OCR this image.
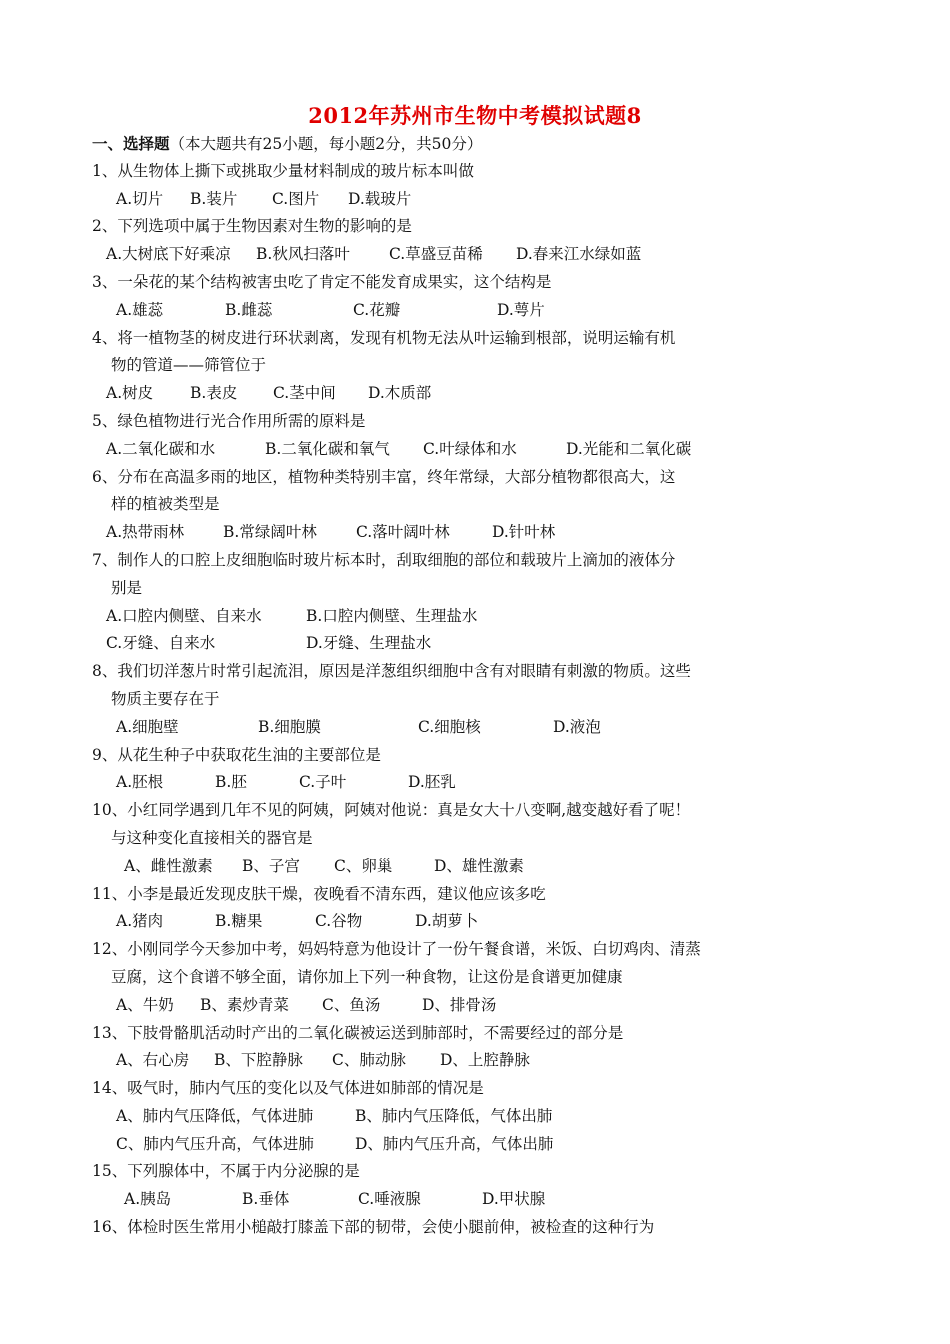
2012年苏州市生物中考模拟试题8
一、选择题（本大题共有25小题，每小题2分，共50分）
1、从生物体上撕下或挑取少量材料制成的玻片标本叫做
A.切片	B.装片	C.图片	D.载玻片
2、下列选项中属于生物因素对生物的影响的是
A.大树底下好乘凉	B.秋风扫落叶	C.草盛豆苗稀	D.春来江水绿如蓝
3、一朵花的某个结构被害虫吃了肯定不能发育成果实，这个结构是
A.雄蕊	B.雌蕊	C.花瓣	D.萼片
4、将一植物茎的树皮进行环状剥离，发现有机物无法从叶运输到根部，说明运输有机
物的管道——筛管位于
A.树皮	B.表皮	C.茎中间	D.木质部
5、绿色植物进行光合作用所需的原料是
A.二氧化碳和水	B.二氧化碳和氧气	C.叶绿体和水	D.光能和二氧化碳
6、分布在高温多雨的地区，植物种类特别丰富，终年常绿，大部分植物都很高大，这
样的植被类型是
A.热带雨林	B.常绿阔叶林	C.落叶阔叶林	D.针叶林
7、制作人的口腔上皮细胞临时玻片标本时，刮取细胞的部位和载玻片上滴加的液体分
别是
A.口腔内侧壁、自来水	B.口腔内侧壁、生理盐水
C.牙缝、自来水	D.牙缝、生理盐水
8、我们切洋葱片时常引起流泪，原因是洋葱组织细胞中含有对眼睛有刺激的物质。这些
物质主要存在于
A.细胞壁	B.细胞膜	C.细胞核	D.液泡
9、从花生种子中获取花生油的主要部位是
A.胚根	B.胚	C.子叶	D.胚乳
10、小红同学遇到几年不见的阿姨，阿姨对他说：真是女大十八变啊,越变越好看了呢！
与这种变化直接相关的器官是
A、雌性激素	B、子宫	C、卵巢	D、雄性激素
11、小李是最近发现皮肤干燥，夜晚看不清东西，建议他应该多吃
A.猪肉	B.糖果	C.谷物	D.胡萝卜
12、小刚同学今天参加中考，妈妈特意为他设计了一份午餐食谱，米饭、白切鸡肉、清蒸
豆腐，这个食谱不够全面，请你加上下列一种食物，让这份是食谱更加健康
A、牛奶	B、素炒青菜	C、鱼汤	D、排骨汤
13、下肢骨骼肌活动时产出的二氧化碳被运送到肺部时，不需要经过的部分是
A、右心房	B、下腔静脉	C、肺动脉	D、上腔静脉
14、吸气时，肺内气压的变化以及气体进如肺部的情况是
A、肺内气压降低，气体进肺	B、肺内气压降低，气体出肺
C、肺内气压升高，气体进肺	D、肺内气压升高，气体出肺
15、下列腺体中，不属于内分泌腺的是
A.胰岛	B.垂体	C.唾液腺	D.甲状腺
16、体检时医生常用小槌敲打膝盖下部的韧带，会使小腿前伸，被检查的这种行为
